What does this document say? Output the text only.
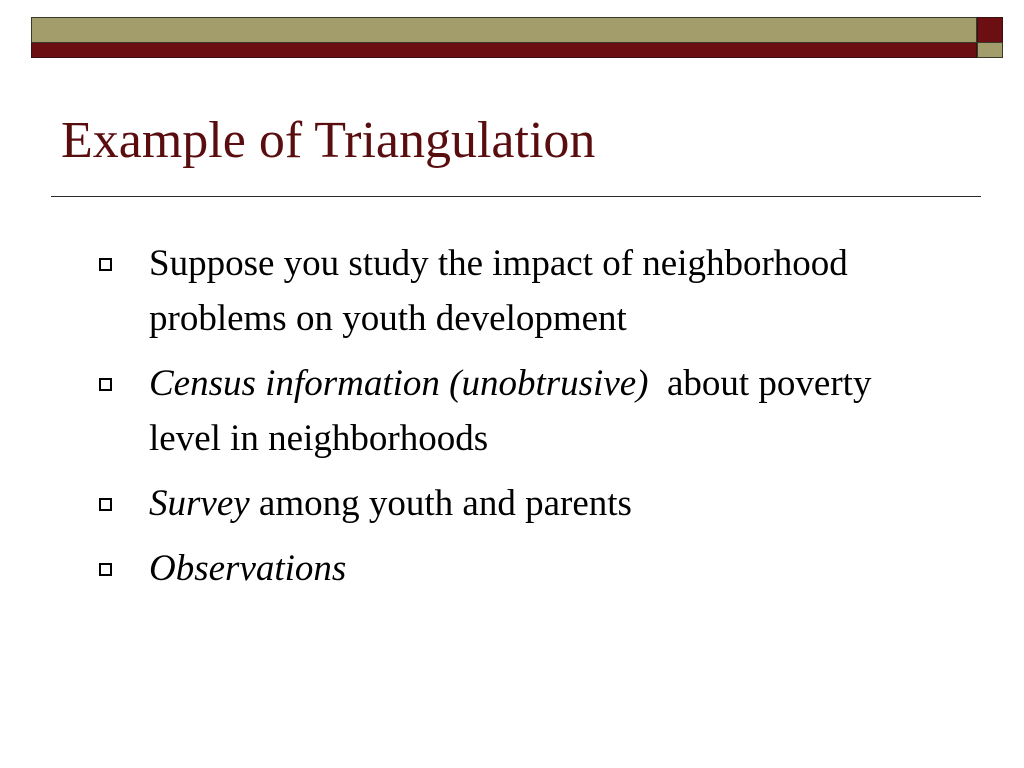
Example of Triangulation
Suppose you study the impact of neighborhood problems on youth development
Census information (unobtrusive)  about poverty level in neighborhoods
Survey among youth and parents
Observations
